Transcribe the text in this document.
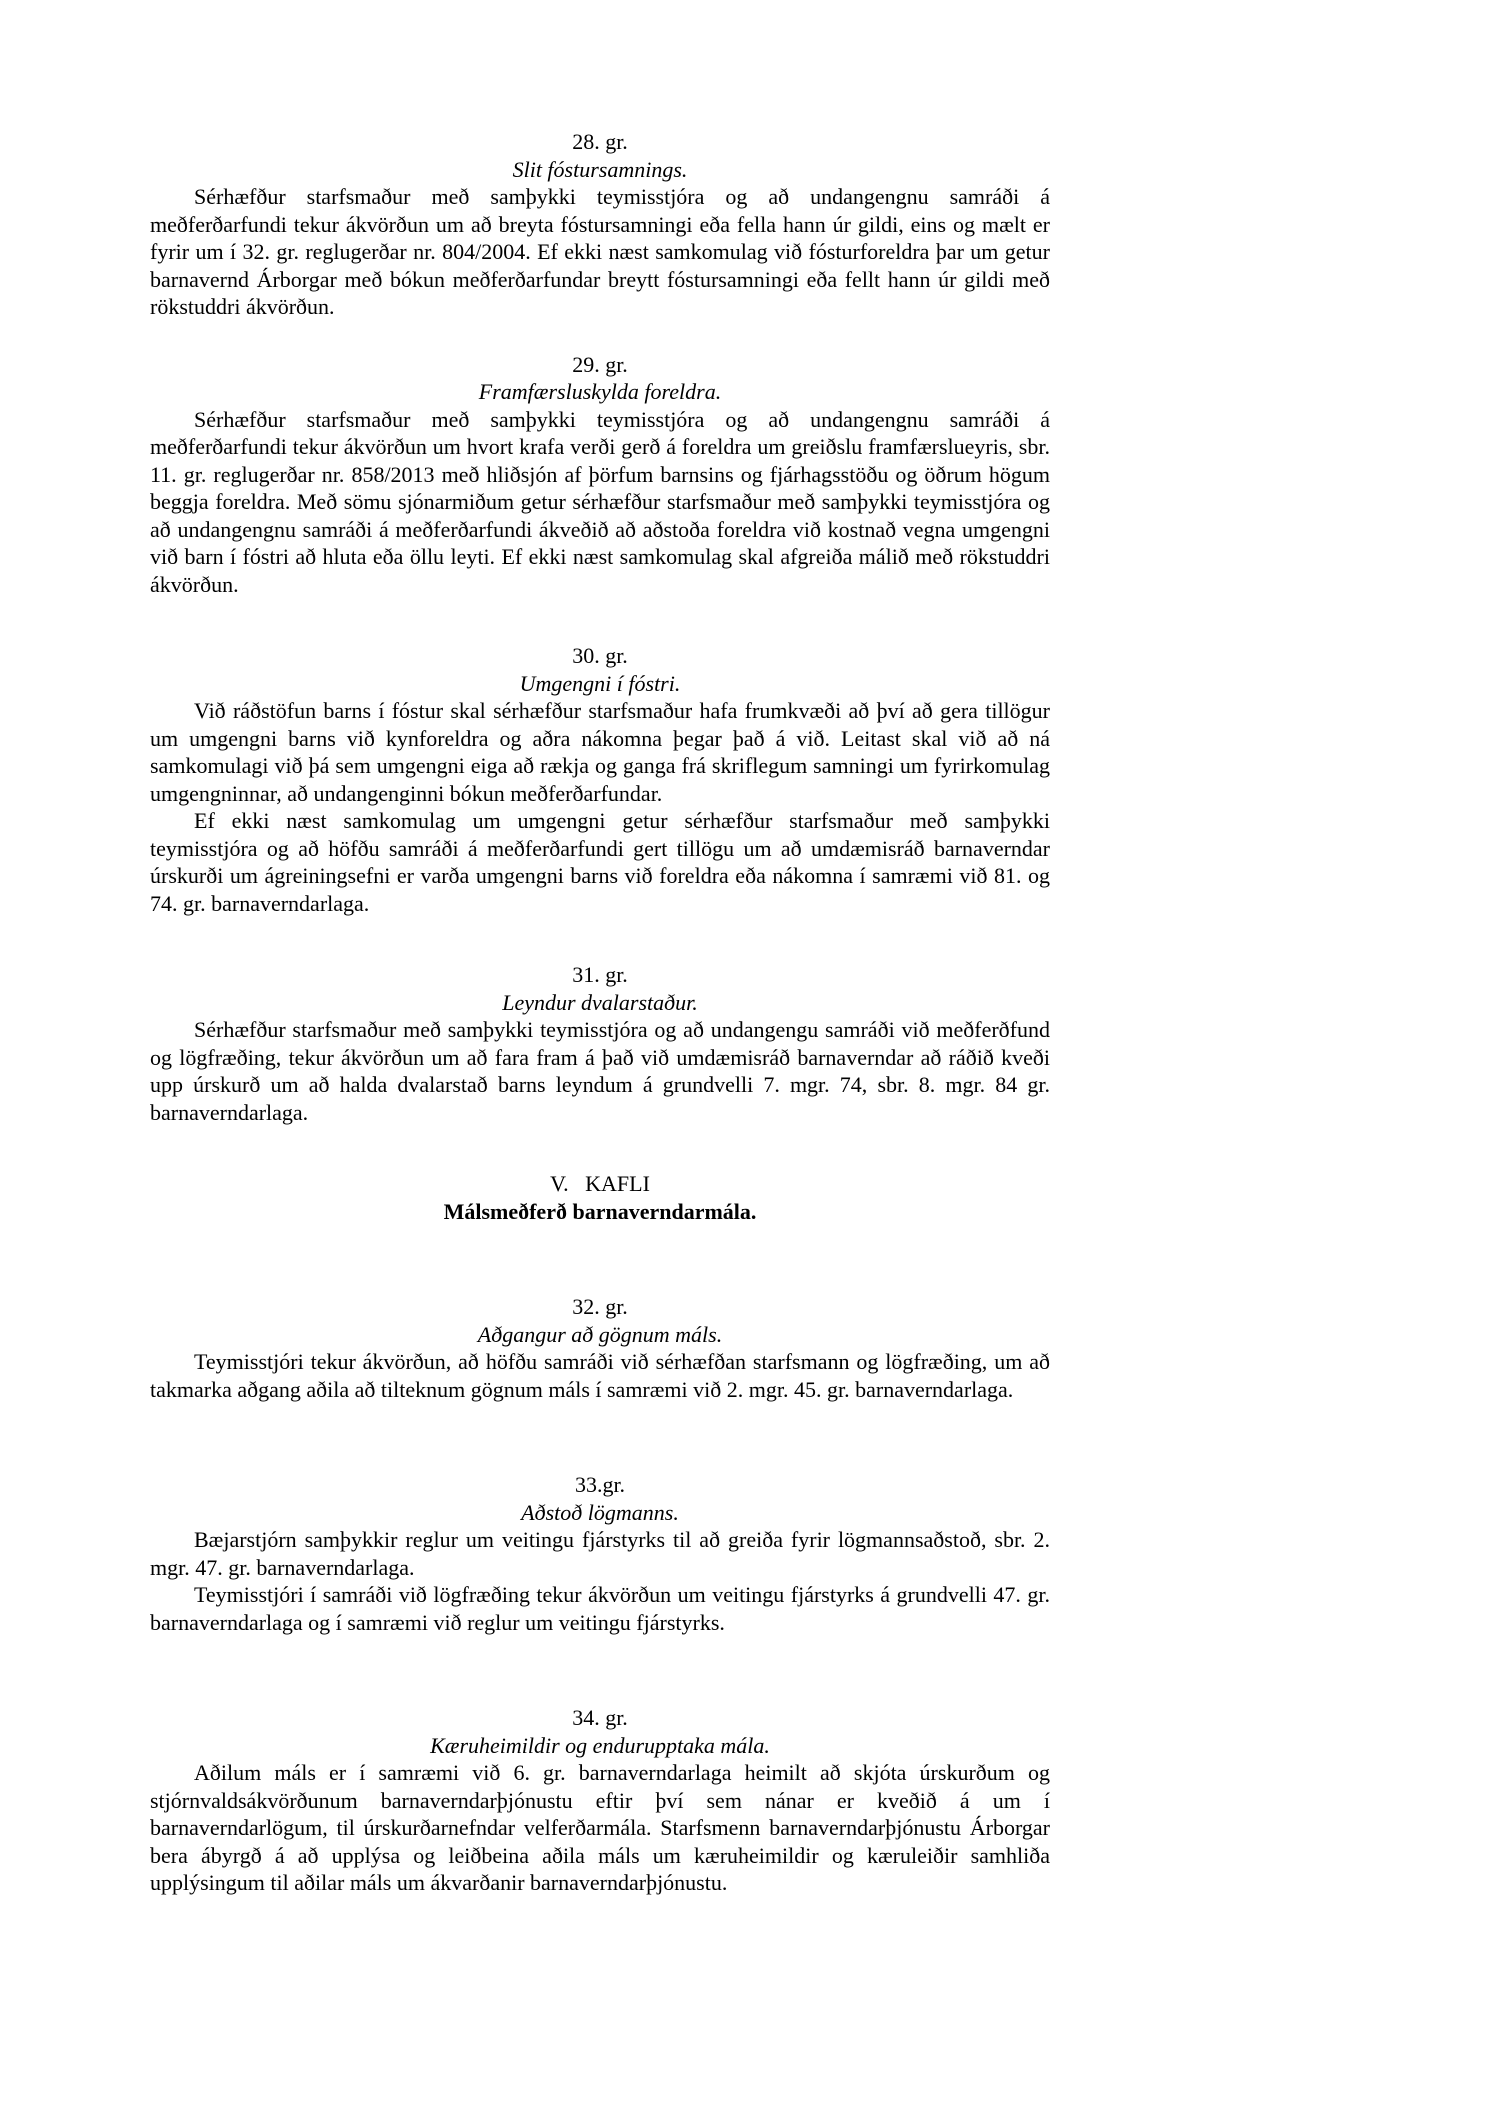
28. gr.
Slit fóstursamnings.

Sérhæfður starfsmaður með samþykki teymisstjóra og að undangengnu samráði á meðferðarfundi tekur ákvörðun um að breyta fóstursamningi eða fella hann úr gildi, eins og mælt er fyrir um í 32. gr. reglugerðar nr. 804/2004. Ef ekki næst samkomulag við fósturforeldra þar um getur barnavernd Árborgar með bókun meðferðarfundar breytt fóstursamningi eða fellt hann úr gildi með rökstuddri ákvörðun.

29. gr.
Framfærsluskylda foreldra.

Sérhæfður starfsmaður með samþykki teymisstjóra og að undangengnu samráði á meðferðarfundi tekur ákvörðun um hvort krafa verði gerð á foreldra um greiðslu framfærslueyris, sbr. 11. gr. reglugerðar nr. 858/2013 með hliðsjón af þörfum barnsins og fjárhagsstöðu og öðrum högum beggja foreldra. Með sömu sjónarmiðum getur sérhæfður starfsmaður með samþykki teymisstjóra og að undangengnu samráði á meðferðarfundi ákveðið að aðstoða foreldra við kostnað vegna umgengni við barn í fóstri að hluta eða öllu leyti. Ef ekki næst samkomulag skal afgreiða málið með rökstuddri ákvörðun.

30. gr.
Umgengni í fóstri.

Við ráðstöfun barns í fóstur skal sérhæfður starfsmaður hafa frumkvæði að því að gera tillögur um umgengni barns við kynforeldra og aðra nákomna þegar það á við. Leitast skal við að ná samkomulagi við þá sem umgengni eiga að rækja og ganga frá skriflegum samningi um fyrirkomulag umgengninnar, að undangenginni bókun meðferðarfundar.

Ef ekki næst samkomulag um umgengni getur sérhæfður starfsmaður með samþykki teymisstjóra og að höfðu samráði á meðferðarfundi gert tillögu um að umdæmisráð barnaverndar úrskurði um ágreiningsefni er varða umgengni barns við foreldra eða nákomna í samræmi við 81. og 74. gr. barnaverndarlaga.

31. gr.
Leyndur dvalarstaður.

Sérhæfður starfsmaður með samþykki teymisstjóra og að undangengu samráði við meðferðfund og lögfræðing, tekur ákvörðun um að fara fram á það við umdæmisráð barnaverndar að ráðið kveði upp úrskurð um að halda dvalarstað barns leyndum á grundvelli 7. mgr. 74, sbr. 8. mgr. 84 gr. barnaverndarlaga.

V.   KAFLI
Málsmeðferð barnaverndarmála.
32. gr.
Aðgangur að gögnum máls.

Teymisstjóri tekur ákvörðun, að höfðu samráði við sérhæfðan starfsmann og lögfræðing, um að takmarka aðgang aðila að tilteknum gögnum máls í samræmi við 2. mgr. 45. gr. barnaverndarlaga.

33.gr.
Aðstoð lögmanns.

Bæjarstjórn samþykkir reglur um veitingu fjárstyrks til að greiða fyrir lögmannsaðstoð, sbr. 2. mgr. 47. gr. barnaverndarlaga.

Teymisstjóri í samráði við lögfræðing tekur ákvörðun um veitingu fjárstyrks á grundvelli 47. gr. barnaverndarlaga og í samræmi við reglur um veitingu fjárstyrks.

34. gr.
Kæruheimildir og endurupptaka mála.

Aðilum máls er í samræmi við 6. gr. barnaverndarlaga heimilt að skjóta úrskurðum og stjórnvaldsákvörðunum barnaverndarþjónustu eftir því sem nánar er kveðið á um í barnaverndarlögum, til úrskurðarnefndar velferðarmála. Starfsmenn barnaverndarþjónustu Árborgar bera ábyrgð á að upplýsa og leiðbeina aðila máls um kæruheimildir og kæruleiðir samhliða upplýsingum til aðilar máls um ákvarðanir barnaverndarþjónustu.
